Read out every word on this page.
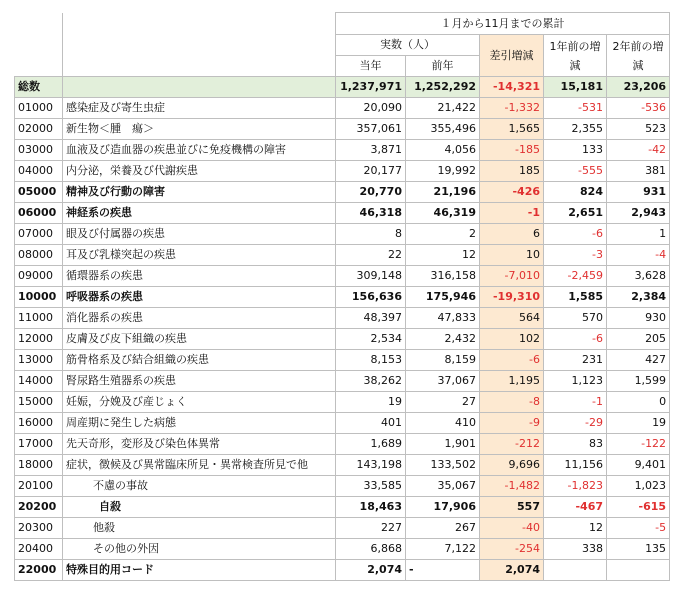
		１月から11月までの累計				
		実数（人）		差引増減	1年前の増減	2年前の増減
		当年	前年			
総数		1,237,971	1,252,292	-14,321	15,181	23,206
01000	感染症及び寄生虫症	20,090	21,422	-1,332	-531	-536
02000	新生物＜腫　瘍＞	357,061	355,496	1,565	2,355	523
03000	血液及び造血器の疾患並びに免疫機構の障害	3,871	4,056	-185	133	-42
04000	内分泌，栄養及び代謝疾患	20,177	19,992	185	-555	381
05000	精神及び行動の障害	20,770	21,196	-426	824	931
06000	神経系の疾患	46,318	46,319	-1	2,651	2,943
07000	眼及び付属器の疾患	8	2	6	-6	1
08000	耳及び乳様突起の疾患	22	12	10	-3	-4
09000	循環器系の疾患	309,148	316,158	-7,010	-2,459	3,628
10000	呼吸器系の疾患	156,636	175,946	-19,310	1,585	2,384
11000	消化器系の疾患	48,397	47,833	564	570	930
12000	皮膚及び皮下組織の疾患	2,534	2,432	102	-6	205
13000	筋骨格系及び結合組織の疾患	8,153	8,159	-6	231	427
14000	腎尿路生殖器系の疾患	38,262	37,067	1,195	1,123	1,599
15000	妊娠，分娩及び産じょく	19	27	-8	-1	0
16000	周産期に発生した病態	401	410	-9	-29	19
17000	先天奇形，変形及び染色体異常	1,689	1,901	-212	83	-122
18000	症状，徴候及び異常臨床所見・異常検査所見で他	143,198	133,502	9,696	11,156	9,401
20100	不慮の事故	33,585	35,067	-1,482	-1,823	1,023
20200	自殺	18,463	17,906	557	-467	-615
20300	他殺	227	267	-40	12	-5
20400	その他の外因	6,868	7,122	-254	338	135
22000	特殊目的用コード	2,074	-	2,074		
